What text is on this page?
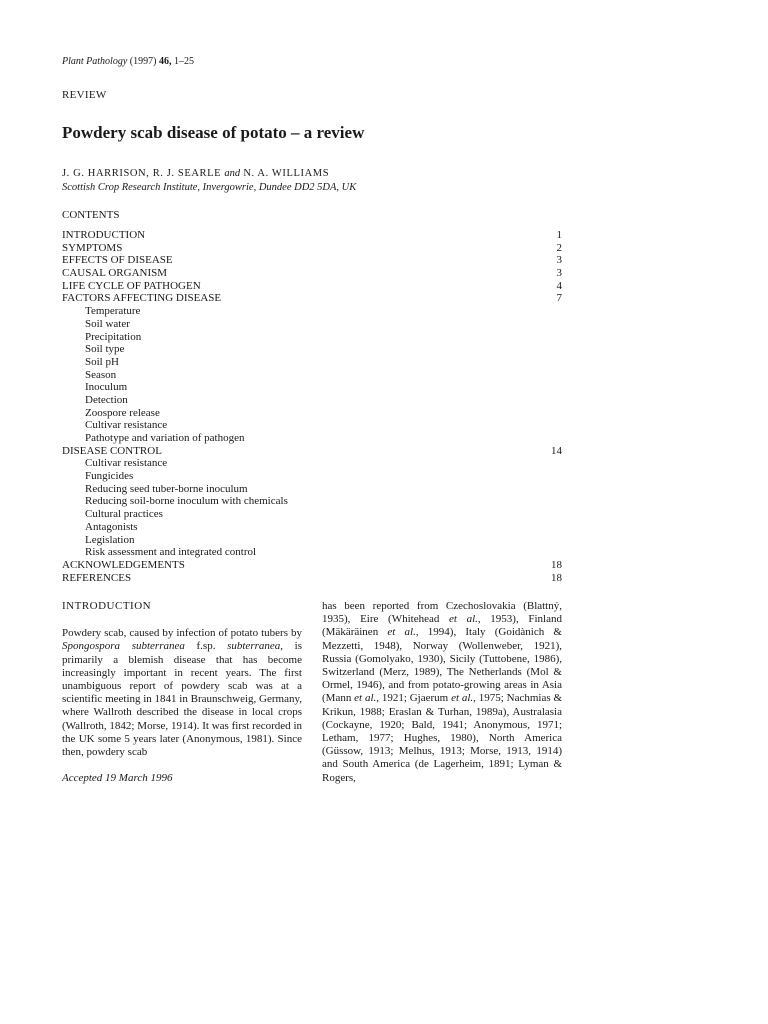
Plant Pathology (1997) 46, 1–25
REVIEW
Powdery scab disease of potato – a review
J. G. HARRISON, R. J. SEARLE and N. A. WILLIAMS
Scottish Crop Research Institute, Invergowrie, Dundee DD2 5DA, UK
CONTENTS
INTRODUCTION	1
SYMPTOMS	2
EFFECTS OF DISEASE	3
CAUSAL ORGANISM	3
LIFE CYCLE OF PATHOGEN	4
FACTORS AFFECTING DISEASE	7
Temperature
Soil water
Precipitation
Soil type
Soil pH
Season
Inoculum
Detection
Zoospore release
Cultivar resistance
Pathotype and variation of pathogen
DISEASE CONTROL	14
Cultivar resistance
Fungicides
Reducing seed tuber-borne inoculum
Reducing soil-borne inoculum with chemicals
Cultural practices
Antagonists
Legislation
Risk assessment and integrated control
ACKNOWLEDGEMENTS	18
REFERENCES	18
INTRODUCTION

Powdery scab, caused by infection of potato tubers by Spongospora subterranea f.sp. subterranea, is primarily a blemish disease that has become increasingly important in recent years. The first unambiguous report of powdery scab was at a scientific meeting in 1841 in Braunschweig, Germany, where Wallroth described the disease in local crops (Wallroth, 1842; Morse, 1914). It was first recorded in the UK some 5 years later (Anonymous, 1981). Since then, powdery scab

Accepted 19 March 1996

has been reported from Czechoslovakia (Blattný, 1935), Eire (Whitehead et al., 1953), Finland (Mäkäräinen et al., 1994), Italy (Goidànich & Mezzetti, 1948), Norway (Wollenweber, 1921), Russia (Gomolyako, 1930), Sicily (Tuttobene, 1986), Switzerland (Merz, 1989), The Netherlands (Mol & Ormel, 1946), and from potato-growing areas in Asia (Mann et al., 1921; Gjaerum et al., 1975; Nachmias & Krikun, 1988; Eraslan & Turhan, 1989a), Australasia (Cockayne, 1920; Bald, 1941; Anonymous, 1971; Letham, 1977; Hughes, 1980), North America (Güssow, 1913; Melhus, 1913; Morse, 1913, 1914) and South America (de Lagerheim, 1891; Lyman & Rogers,
